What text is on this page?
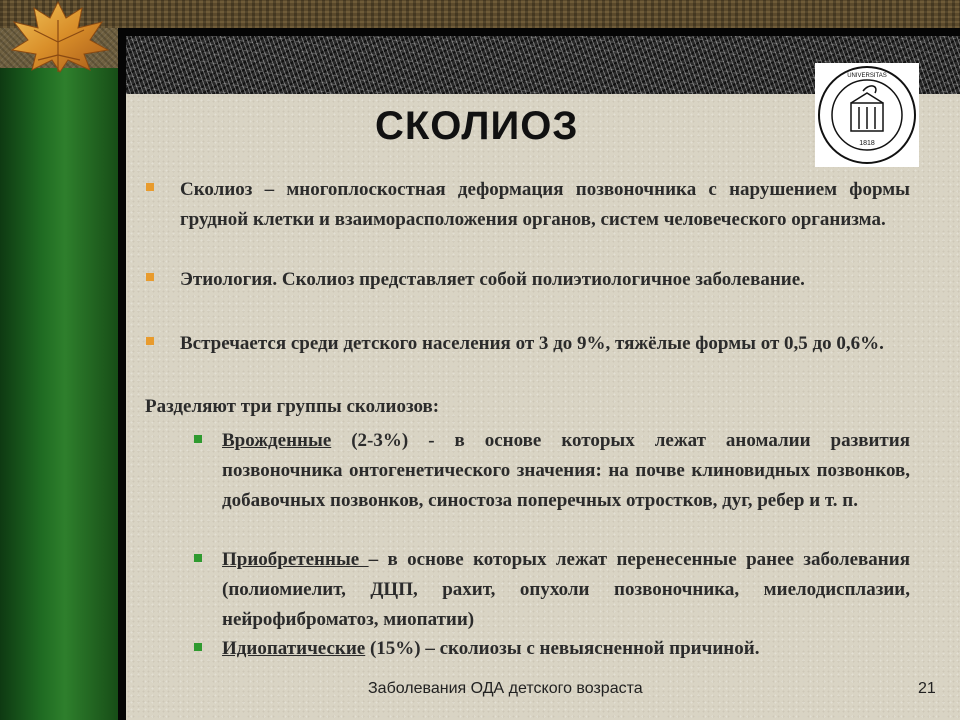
1818
UNIVERSITAS
СКОЛИОЗ
Сколиоз – многоплоскостная деформация позвоночника с нарушением формы грудной клетки и взаиморасположения органов, систем человеческого организма.
Этиология. Сколиоз представляет собой полиэтиологичное заболевание.
Встречается среди детского населения от 3 до 9%, тяжёлые формы от 0,5 до 0,6%.
Разделяют три группы сколиозов:
Врожденные (2-3%) - в основе которых лежат аномалии развития позвоночника онтогенетического значения: на почве клиновидных позвонков, добавочных позвонков, синостоза поперечных отростков, дуг, ребер и т. п.
Приобретенные – в основе которых лежат перенесенные ранее заболевания (полиомиелит, ДЦП, рахит, опухоли позвоночника, миелодисплазии, нейрофиброматоз, миопатии)
Идиопатические (15%) – сколиозы с невыясненной причиной.
Заболевания ОДА детского возраста	21
